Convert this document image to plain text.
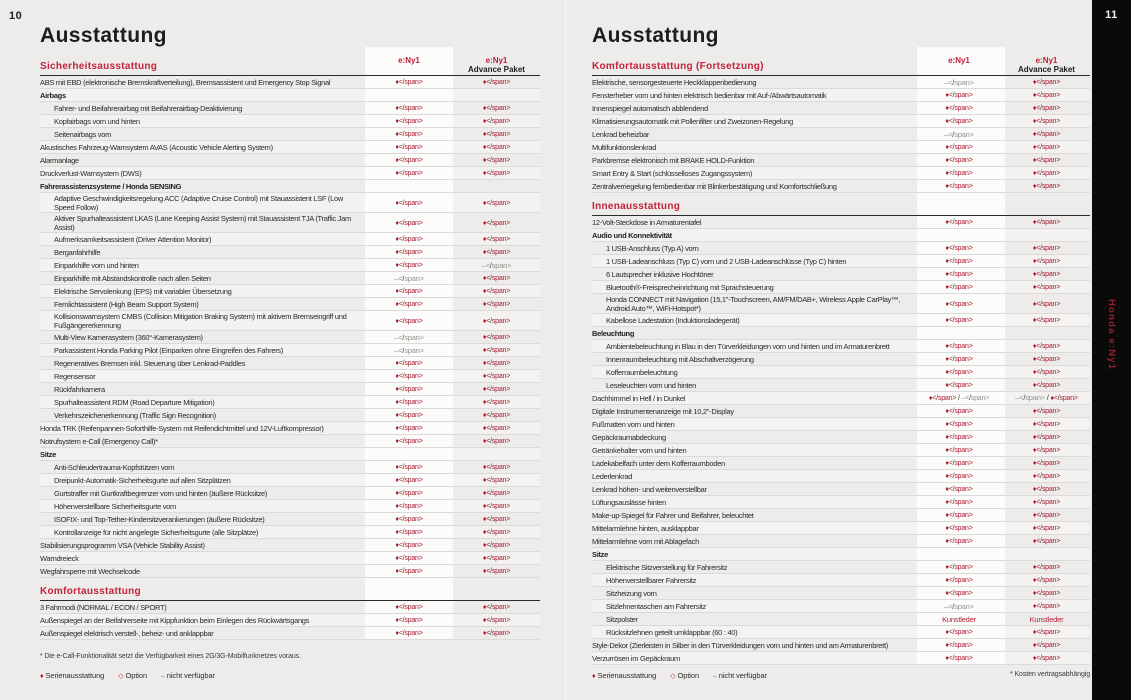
10
Ausstattung
e:Ny1	e:Ny1
Advance Paket
Sicherheitsausstattung
ABS mit EBD (elektronische Bremskraftverteilung), Bremsassistent und Emergency Stop Signal	♦</span>	♦</span>
Airbags
Fahrer- und Beifahrerairbag mit Beifahrerairbag-Deaktivierung	♦</span>	♦</span>
Kopfairbags vorn und hinten	♦</span>	♦</span>
Seitenairbags vorn	♦</span>	♦</span>
Akustisches Fahrzeug-Warnsystem AVAS (Acoustic Vehicle Alerting System)	♦</span>	♦</span>
Alarmanlage	♦</span>	♦</span>
Druckverlust-Warnsystem (DWS)	♦</span>	♦</span>
Fahrerassistenzsysteme / Honda SENSING
Adaptive Geschwindigkeitsregelung ACC (Adaptive Cruise Control) mit Stauassistent LSF (Low Speed Follow)	♦</span>	♦</span>
Aktiver Spurhalteassistent LKAS (Lane Keeping Assist System) mit Stauassistent TJA (Traffic Jam Assist)	♦</span>	♦</span>
Aufmerksamkeitsassistent (Driver Attention Monitor)	♦</span>	♦</span>
Berganfahrhilfe	♦</span>	♦</span>
Einparkhilfe vorn und hinten	♦</span>	–</span>
Einparkhilfe mit Abstandskontrolle nach allen Seiten	–</span>	♦</span>
Elektrische Servolenkung (EPS) mit variabler Übersetzung	♦</span>	♦</span>
Fernlichtassistent (High Beam Support System)	♦</span>	♦</span>
Kollisionswarnsystem CMBS (Collision Mitigation Braking System) mit aktivem Bremseingriff und Fußgängererkennung	♦</span>	♦</span>
Multi-View Kamerasystem (360°-Kamerasystem)	–</span>	♦</span>
Parkassistent Honda Parking Pilot (Einparken ohne Eingreifen des Fahrers)	–</span>	♦</span>
Regeneratives Bremsen inkl. Steuerung über Lenkrad-Paddles	♦</span>	♦</span>
Regensensor	♦</span>	♦</span>
Rückfahrkamera	♦</span>	♦</span>
Spurhalteassistent RDM (Road Departure Mitigation)	♦</span>	♦</span>
Verkehrszeichenerkennung (Traffic Sign Recognition)	♦</span>	♦</span>
Honda TRK (Reifenpannen-Soforthilfe-System mit Reifendichtmittel und 12V-Luftkompressor)	♦</span>	♦</span>
Notrufsystem e-Call (Emergency Call)*	♦</span>	♦</span>
Sitze
Anti-Schleudertrauma-Kopfstützen vorn	♦</span>	♦</span>
Dreipunkt-Automatik-Sicherheitsgurte auf allen Sitzplätzen	♦</span>	♦</span>
Gurtstraffer mit Gurtkraftbegrenzer vorn und hinten (äußere Rücksitze)	♦</span>	♦</span>
Höhenverstellbare Sicherheitsgurte vorn	♦</span>	♦</span>
ISOFIX- und Top-Tether-Kindersitzverankerungen (äußere Rücksitze)	♦</span>	♦</span>
Kontrollanzeige für nicht angelegte Sicherheitsgurte (alle Sitzplätze)	♦</span>	♦</span>
Stabilisierungsprogramm VSA (Vehicle Stability Assist)	♦</span>	♦</span>
Warndreieck	♦</span>	♦</span>
Wegfahrsperre mit Wechselcode	♦</span>	♦</span>
Komfortausstattung
3 Fahrmodi (NORMAL / ECON / SPORT)	♦</span>	♦</span>
Außenspiegel an der Beifahrerseite mit Kippfunktion beim Einlegen des Rückwärtsgangs	♦</span>	♦</span>
Außenspiegel elektrisch verstell-, beheiz- und anklappbar	♦</span>	♦</span>
* Die e-Call-Funktionalität setzt die Verfügbarkeit eines 2G/3G-Mobilfunknetzes voraus.
♦ Serienausstattung ◇ Option – nicht verfügbar
Ausstattung
e:Ny1	e:Ny1
Advance Paket
Komfortausstattung (Fortsetzung)
Elektrische, sensorgesteuerte Heckklappenbedienung	–</span>	♦</span>
Fensterheber vorn und hinten elektrisch bedienbar mit Auf-/Abwärtsautomatik	♦</span>	♦</span>
Innenspiegel automatisch abblendend	♦</span>	♦</span>
Klimatisierungsautomatik mit Pollenfilter und Zweizonen-Regelung	♦</span>	♦</span>
Lenkrad beheizbar	–</span>	♦</span>
Multifunktionslenkrad	♦</span>	♦</span>
Parkbremse elektronisch mit BRAKE HOLD-Funktion	♦</span>	♦</span>
Smart Entry & Start (schlüsselloses Zugangssystem)	♦</span>	♦</span>
Zentralverriegelung fernbedienbar mit Blinkerbestätigung und Komfortschließung	♦</span>	♦</span>
Innenausstattung
12-Volt-Steckdose in Armaturentafel	♦</span>	♦</span>
Audio und Konnektivität
1 USB-Anschluss (Typ A) vorn	♦</span>	♦</span>
1 USB-Ladeanschluss (Typ C) vorn und 2 USB-Ladeanschlüsse (Typ C) hinten	♦</span>	♦</span>
6 Lautsprecher inklusive Hochtöner	♦</span>	♦</span>
Bluetooth®-Freisprecheinrichtung mit Sprachsteuerung	♦</span>	♦</span>
Honda CONNECT mit Navigation (15,1"-Touchscreen, AM/FM/DAB+, Wireless Apple CarPlay™, Android Auto™, WiFi-Hotspot*)	♦</span>	♦</span>
Kabellose Ladestation (Induktionsladegerät)	♦</span>	♦</span>
Beleuchtung
Ambientebeleuchtung in Blau in den Türverkleidungen vorn und hinten und im Armaturenbrett	♦</span>	♦</span>
Innenraumbeleuchtung mit Abschaltverzögerung	♦</span>	♦</span>
Kofferraumbeleuchtung	♦</span>	♦</span>
Leseleuchten vorn und hinten	♦</span>	♦</span>
Dachhimmel in Hell / in Dunkel	♦</span> / –</span>	–</span> / ♦</span>
Digitale Instrumentenanzeige mit 10,2"-Display	♦</span>	♦</span>
Fußmatten vorn und hinten	♦</span>	♦</span>
Gepäckraumabdeckung	♦</span>	♦</span>
Getränkehalter vorn und hinten	♦</span>	♦</span>
Ladekabelfach unter dem Kofferraumboden	♦</span>	♦</span>
Lederlenkrad	♦</span>	♦</span>
Lenkrad höhen- und weitenverstellbar	♦</span>	♦</span>
Lüftungsauslässe hinten	♦</span>	♦</span>
Make-up-Spiegel für Fahrer und Beifahrer, beleuchtet	♦</span>	♦</span>
Mittelarmlehne hinten, ausklappbar	♦</span>	♦</span>
Mittelarmlehne vorn mit Ablagefach	♦</span>	♦</span>
Sitze
Elektrische Sitzverstellung für Fahrersitz	♦</span>	♦</span>
Höhenverstellbarer Fahrersitz	♦</span>	♦</span>
Sitzheizung vorn	♦</span>	♦</span>
Sitzlehnentaschen am Fahrersitz	–</span>	♦</span>
Sitzpolster	Kunstleder	Kunstleder
Rücksitzlehnen geteilt umklappbar (60 : 40)	♦</span>	♦</span>
Style-Dekor (Zierleisten in Silber in den Türverkleidungen vorn und hinten und am Armaturenbrett)	♦</span>	♦</span>
Verzurrösen im Gepäckraum	♦</span>	♦</span>
♦ Serienausstattung ◇ Option – nicht verfügbar	* Kosten vertragsabhängig
11
Honda e:Ny1
